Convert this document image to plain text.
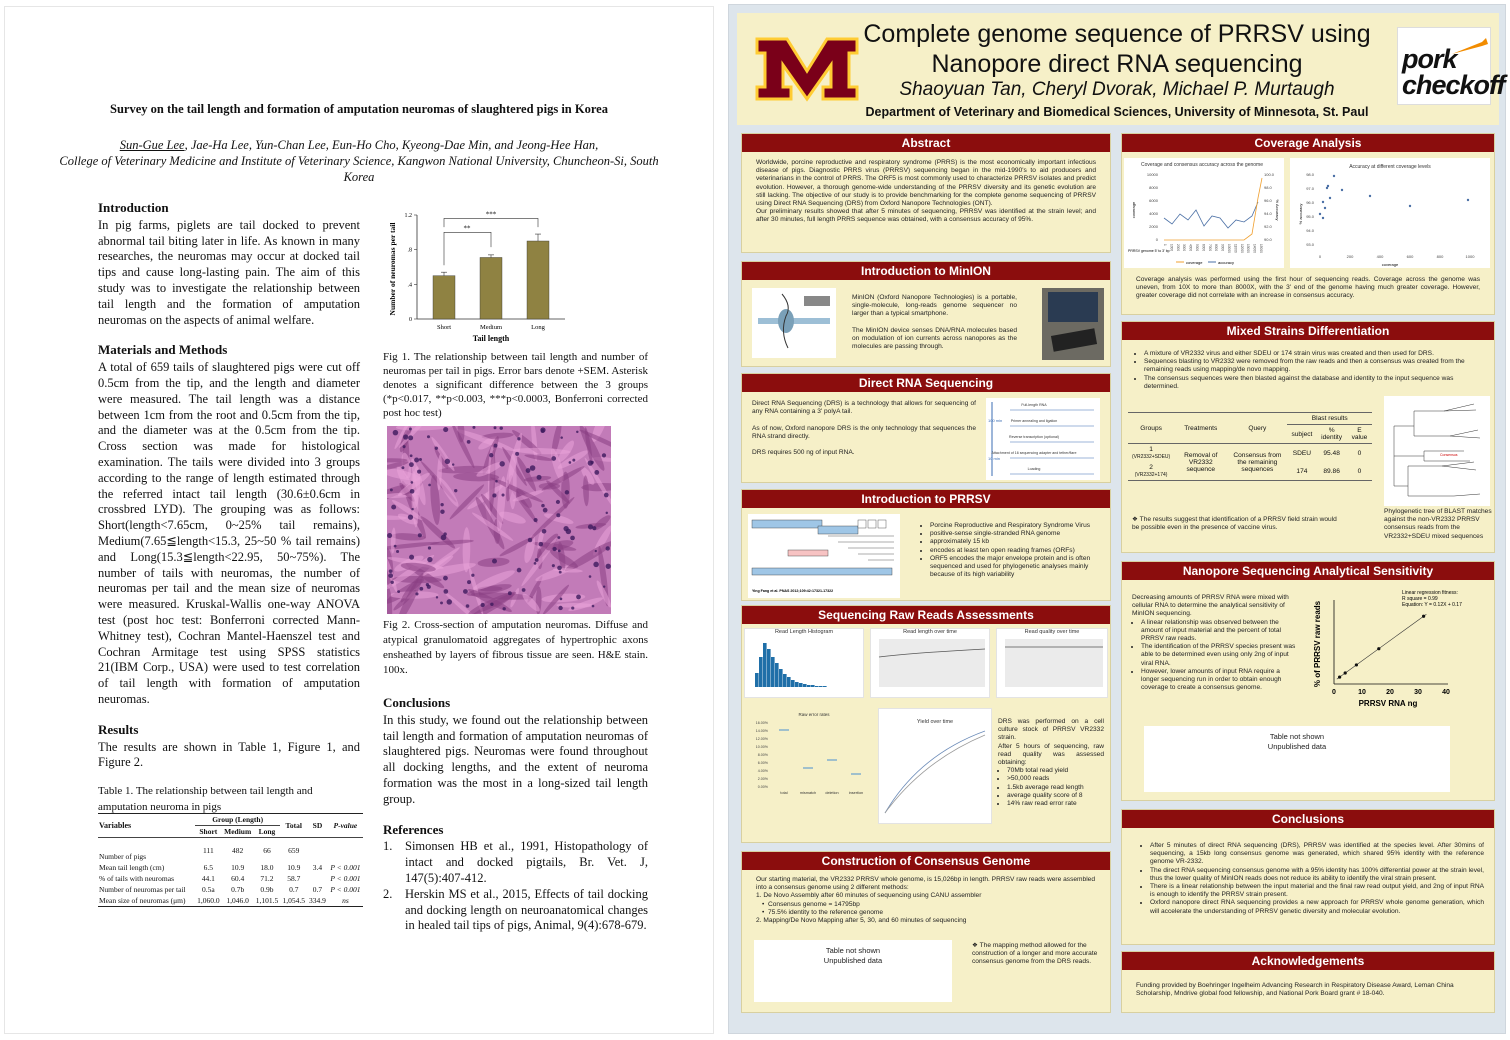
Survey on the tail length and formation of amputation neuromas of slaughtered pigs in Korea
Sun-Gue Lee, Jae-Ha Lee, Yun-Chan Lee, Eun-Ho Cho, Kyeong-Dae Min, and Jeong-Hee Han,
College of Veterinary Medicine and Institute of Veterinary Science, Kangwon National University, Chuncheon-Si, South Korea
Introduction

In pig farms, piglets are tail docked to prevent abnormal tail biting later in life. As known in many researches, the neuromas may occur at docked tail tips and cause long-lasting pain. The aim of this study was to investigate the relationship between tail length and the formation of amputation neuromas on the aspects of animal welfare.

Materials and Methods

A total of 659 tails of slaughtered pigs were cut off 0.5cm from the tip, and the length and diameter were measured. The tail length was a distance between 1cm from the root and 0.5cm from the tip, and the diameter was at the 0.5cm from the tip. Cross section was made for histological examination. The tails were divided into 3 groups according to the range of length estimated through the referred intact tail length (30.6±0.6cm in crossbred LYD). The grouping was as follows: Short(length<7.65cm, 0~25% tail remains), Medium(7.65≦length<15.3, 25~50 % tail remains) and Long(15.3≦length<22.95, 50~75%). The number of tails with neuromas, the number of neuromas per tail and the mean size of neuromas were measured. Kruskal-Wallis one-way ANOVA test (post hoc test: Bonferroni corrected Mann-Whitney test), Cochran Mantel-Haenszel test and Cochran Armitage test using SPSS statistics 21(IBM Corp., USA) were used to test correlation of tail length with formation of amputation neuromas.

Results

The results are shown in Table 1, Figure 1, and Figure 2.

0
.4
.8
1.2
Short	Medium	Long
**
***
Number of neuromas per tail
Tail length
Fig 1. The relationship between tail length and number of neuromas per tail in pigs. Error bars denote +SEM. Asterisk denotes a significant difference between the 3 groups (*p<0.017, **p<0.003, ***p<0.0003, Bonferroni corrected post hoc test)
Fig 2. Cross-section of amputation neuromas. Diffuse and atypical granulomatoid aggregates of hypertrophic axons ensheathed by layers of fibrous tissue are seen. H&E stain. 100x.
Table 1. The relationship between tail length and amputation neuroma in pigs
Variables	Group (Length)			Total	SD	P-value
	Short	Medium	Long			
Number of pigs	111	482	66	659		
Mean tail length (cm)	6.5	10.9	18.0	10.9	3.4	P < 0.001
% of tails with neuromas	44.1	60.4	71.2	58.7		P < 0.001
Number of neuromas per tail	0.5a	0.7b	0.9b	0.7	0.7	P < 0.001
Mean size of neuromas (μm)	1,060.0	1,046.0	1,101.5	1,054.5	334.9	ns
Conclusions

In this study, we found out the relationship between tail length and formation of amputation neuromas of slaughtered pigs. Neuromas were found throughout all docking lengths, and the extent of neuroma formation was the most in a long-sized tail length group.

References
1.	Simonsen HB et al., 1991, Histopathology of intact and docked pigtails, Br. Vet. J, 147(5):407-412.
2.	Herskin MS et al., 2015, Effects of tail docking and docking length on neuroanatomical changes in healed tail tips of pigs, Animal, 9(4):678-679.
Complete genome sequence of PRRSV using Nanopore direct RNA sequencing
Shaoyuan Tan, Cheryl Dvorak, Michael P. Murtaugh
Department of Veterinary and Biomedical Sciences, University of Minnesota, St. Paul
pork checkoff
Abstract

Worldwide, porcine reproductive and respiratory syndrome (PRRS) is the most economically important infectious disease of pigs. Diagnostic PRRS virus (PRRSV) sequencing began in the mid-1990's to aid producers and veterinarians in the control of PRRS. The ORF5 is most commonly used to characterize PRRSV isolates and predict evolution. However, a thorough genome-wide understanding of the PRRSV diversity and its genetic evolution are still lacking. The objective of our study is to provide benchmarking for the complete genome sequencing of PRRSV using Direct RNA Sequencing (DRS) from Oxford Nanopore Technologies (ONT).

Our preliminary results showed that after 5 minutes of sequencing, PRRSV was identified at the strain level; and after 30 minutes, full length PRRS sequence was obtained, with a consensus accuracy of 95%.

Introduction to MinION

MinION (Oxford Nanopore Technologies) is a portable, single-molecule, long-reads genome sequencer no larger than a typical smartphone.

The MinION device senses DNA/RNA molecules based on modulation of ion currents across nanopores as the molecules are passing through.

Direct RNA Sequencing

Direct RNA Sequencing (DRS) is a technology that allows for sequencing of any RNA containing a 3' polyA tail.

As of now, Oxford nanopore DRS is the only technology that sequences the RNA strand directly.

DRS requires 500 ng of input RNA.

100 min
10 min
Full-length RNA
Primer annealing and ligation
Reverse transcription (optional)
Attachment of 16 sequencing adapter and tether/flare
Loading
Introduction to PRRSV
Ying Fang et al. PNAS 2012;109:42:17321-17322
• Porcine Reproductive and Respiratory Syndrome Virus
• positive-sense single-stranded RNA genome
• approximately 15 kb
• encodes at least ten open reading frames (ORFs)
• ORF5 encodes the major envelope protein and is often sequenced and used for phylogenetic analyses mainly because of its high variability
Sequencing Raw Reads Assessments
Read Length Histogram	Read length over time	Read quality over time
Raw error rates
16.00%
14.00%
12.00%
10.00%
8.00%
6.00%
4.00%
2.00%
0.00%
total	mismatch deletion	insertion
Yield over time	DRS was performed on a cell culture stock of PRRSV VR2332 strain.

After 5 hours of sequencing, raw read quality was assessed obtaining:

• 70Mb total read yield
• >50,000 reads
• 1.5kb average read length
• average quality score of 8
• 14% raw read error rate
Construction of Consensus Genome

Our starting material, the VR2332 PRRSV whole genome, is 15,026bp in length. PRRSV raw reads were assembled into a consensus genome using 2 different methods:

1. De Novo Assembly after 60 minutes of sequencing using CANU assembler

•  Consensus genome = 14795bp

•  75.5% identity to the reference genome

2. Mapping/De Novo Mapping after 5, 30, and 60 minutes of sequencing

Table not shown
Unpublished data
❖ The mapping method allowed for the construction of a longer and more accurate consensus genome from the DRS reads.
Coverage Analysis
Coverage and consensus accuracy across the genome
10000
8000
6000
4000
2000
0
100.0
98.0
96.0
94.0
92.0
90.0
1 1000 2000 3000 4000 5000 6000 7000 8000 9000 10000 11000 12000 13000 14000 15000
coverage	% Accuracy
PRRSV genome 5' to 3' bp
coverage	accuracy
Accuracy at different coverage levels
98.0
97.0
96.0
95.0
94.0
93.0
0	200	400	600	800	1000
% accuracy
coverage
Coverage analysis was performed using the first hour of sequencing reads. Coverage across the genome was uneven, from 10X to more than 8000X, with the 3' end of the genome having much greater coverage. However, greater coverage did not correlate with an increase in consensus accuracy.
Mixed Strains Differentiation
• A mixture of VR2332 virus and either SDEU or 174 strain virus was created and then used for DRS.
• Sequences blasting to VR2332 were removed from the raw reads and then a consensus was created from the remaining reads using mapping/de novo mapping.
• The consensus sequences were then blasted against the database and identity to the input sequence was determined.
Groups	Treatments	Query	Blast results		
			subject	% identity	E value
1
(VR2332+SDEU)	Removal of VR2332 sequence	Consensus from the remaining sequences	SDEU	95.48	0
2
(VR2332+174)			174	89.86	0
❖ The results suggest that identification of a PRRSV field strain would be possible even in the presence of vaccine virus.
Consensus
Phylogenetic tree of BLAST matches against the non-VR2332 PRRSV consensus reads from the VR2332+SDEU mixed sequences
Nanopore Sequencing Analytical Sensitivity

Decreasing amounts of PRRSV RNA were mixed with cellular RNA to determine the analytical sensitivity of MinION sequencing.

• A linear relationship was observed between the amount of input material and the percent of total PRRSV raw reads.
• The identification of the PRRSV species present was able to be determined even using only 2ng of input viral RNA.
• However, lower amounts of input RNA require a longer sequencing run in order to obtain enough coverage to create a consensus genome.
Linear regression fitness:
R square = 0.99
Equation: Y = 0.12X + 0.17
0	10	20	30	40
% of PRRSV raw reads
PRRSV RNA ng
Table not shown
Unpublished data
Conclusions
• After 5 minutes of direct RNA sequencing (DRS), PRRSV was identified at the species level. After 30mins of sequencing, a 15kb long consensus genome was generated, which shared 95% identity with the reference genome VR-2332.
• The direct RNA sequencing consensus genome with a 95% identity has 100% differential power at the strain level, thus the lower quality of MinION reads does not reduce its ability to identify the viral strain present.
• There is a linear relationship between the input material and the final raw read output yield, and 2ng of input RNA is enough to identify the PRRSV strain present.
• Oxford nanopore direct RNA sequencing provides a new approach for PRRSV whole genome generation, which will accelerate the understanding of PRRSV genetic diversity and molecular evolution.
Acknowledgements
Funding provided by Boehringer Ingelheim Advancing Research in Respiratory Disease Award, Leman China Scholarship, Mndrive global food fellowship, and National Pork Board grant # 18-040.
